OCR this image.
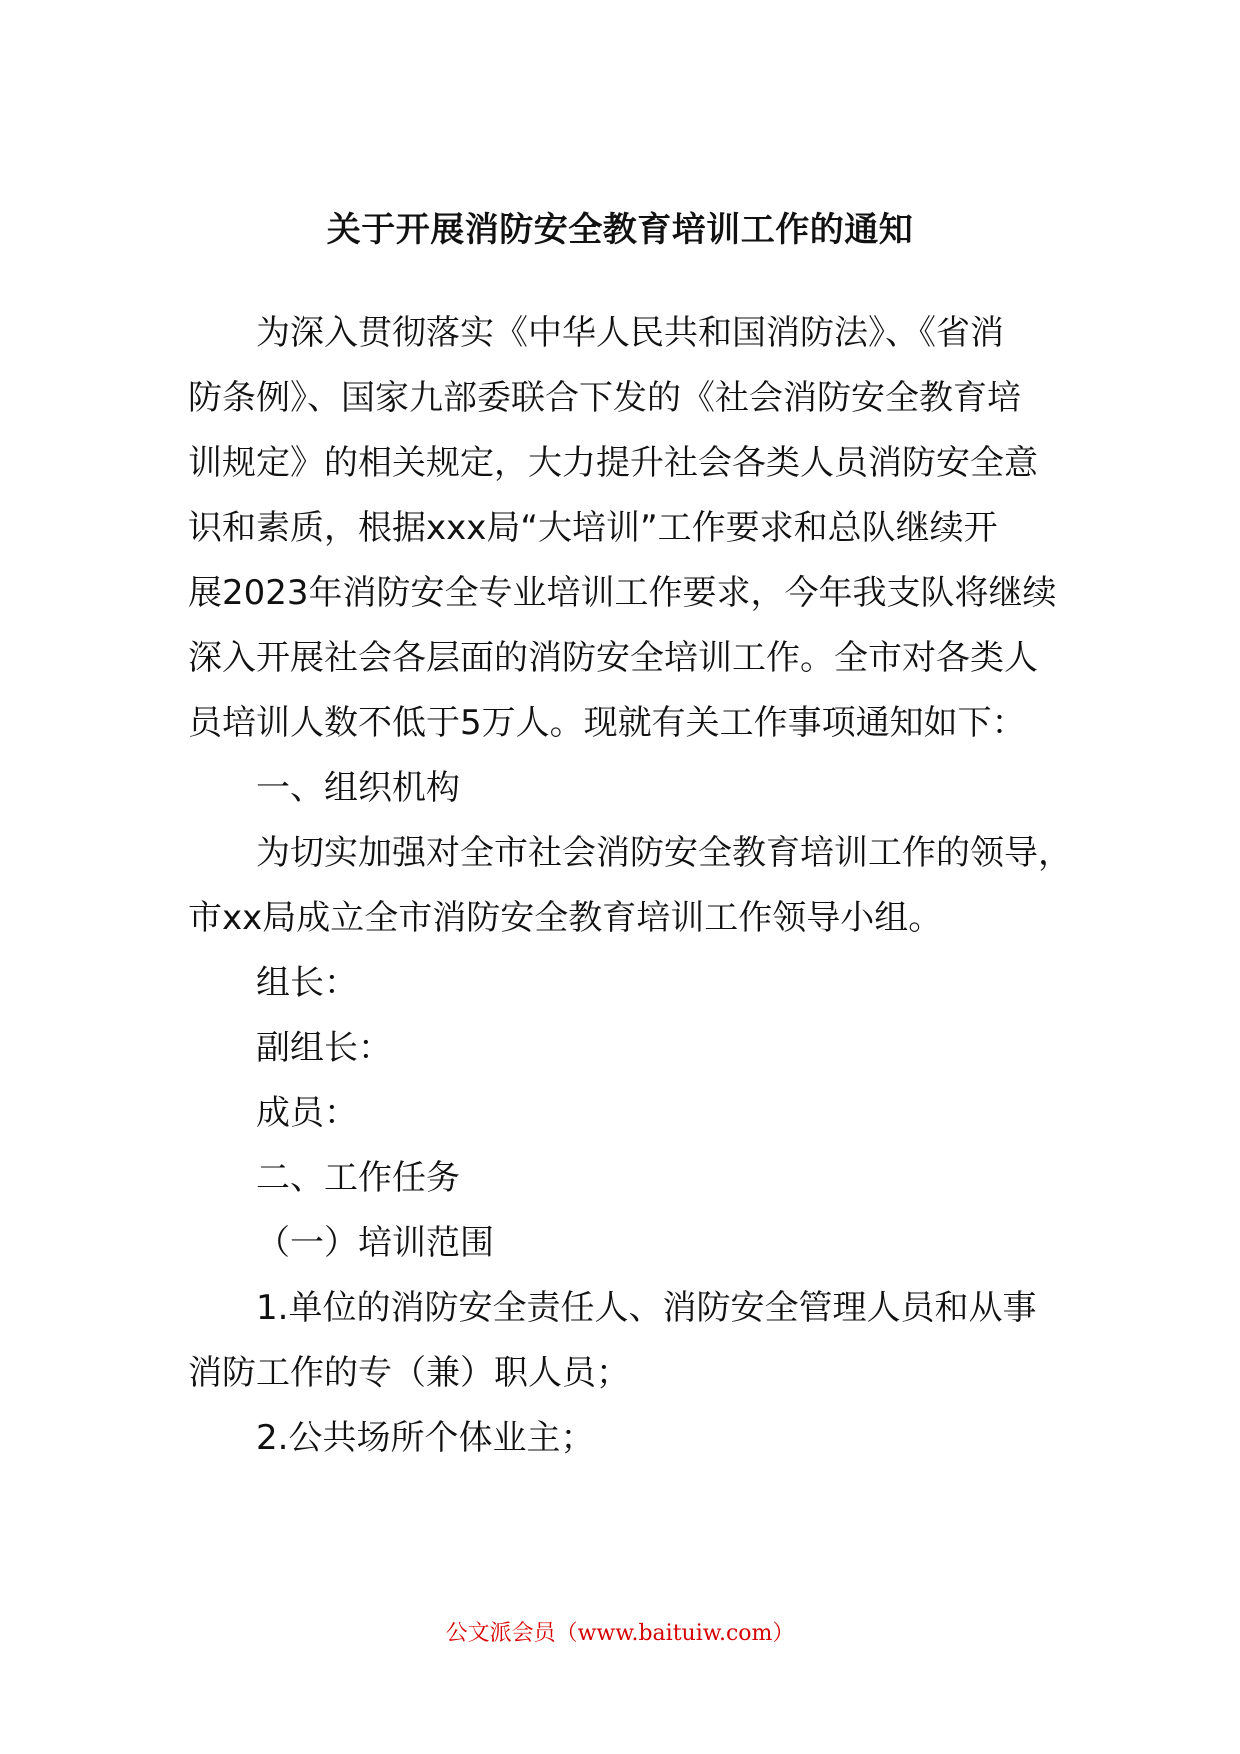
关于开展消防安全教育培训工作的通知
为深入贯彻落实《中华人民共和国消防法》、《省消
防条例》、国家九部委联合下发的《社会消防安全教育培
训规定》的相关规定，大力提升社会各类人员消防安全意
识和素质，根据xxx局“大培训”工作要求和总队继续开
展2023年消防安全专业培训工作要求，今年我支队将继续
深入开展社会各层面的消防安全培训工作。全市对各类人
员培训人数不低于5万人。现就有关工作事项通知如下：
一、组织机构
为切实加强对全市社会消防安全教育培训工作的领导，
市xx局成立全市消防安全教育培训工作领导小组。
组长：
副组长：
成员：
二、工作任务
（一）培训范围
1.单位的消防安全责任人、消防安全管理人员和从事
消防工作的专（兼）职人员；
2.公共场所个体业主；
公文派会员（www.baituiw.com）
